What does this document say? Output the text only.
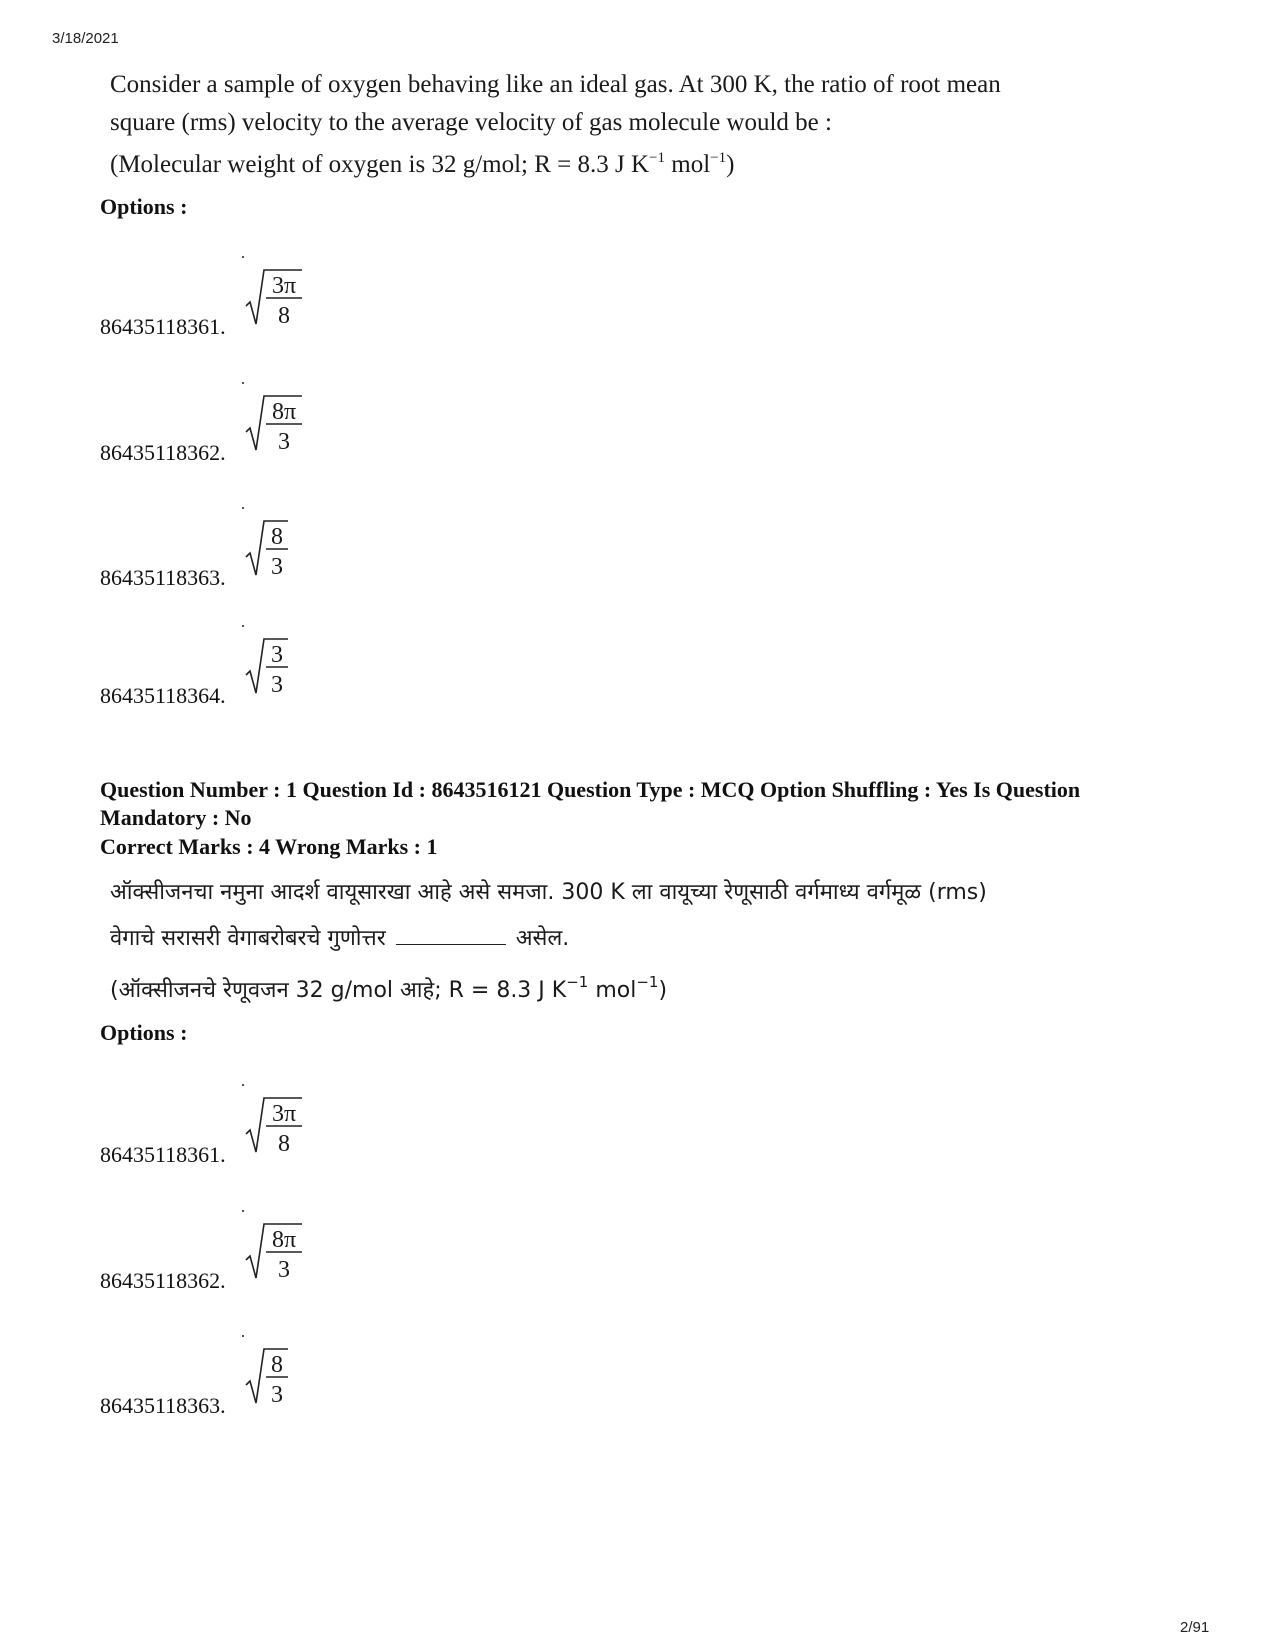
3/18/2021

Consider a sample of oxygen behaving like an ideal gas. At 300 K, the ratio of root mean

square (rms) velocity to the average velocity of gas molecule would be :

(Molecular weight of oxygen is 32 g/mol; R = 8.3 J $K^{-1}$ mol$^{-1}$)

Options :
3π
8
86435118361.
8π
3
86435118362.
8
3
86435118363.
3
3
86435118364.
Question Number : 1 Question Id : 8643516121 Question Type : MCQ Option Shuffling : Yes Is Question
Mandatory : No
Correct Marks : 4 Wrong Marks : 1

ऑक्सीजनचा नमुना आदर्श वायूसारखा आहे असे समजा. 300 K ला वायूच्या रेणूसाठी वर्गमाध्य वर्गमूळ (rms)

वेगाचे सरासरी वेगाबरोबरचे गुणोत्तर	असेल.

(ऑक्सीजनचे रेणूवजन 32 g/mol आहे; R = 8.3 J $K^{-1}$ mol$^{-1}$)

Options :
3π
8
86435118361.
8π
3
86435118362.
8
3
86435118363.
2/91
